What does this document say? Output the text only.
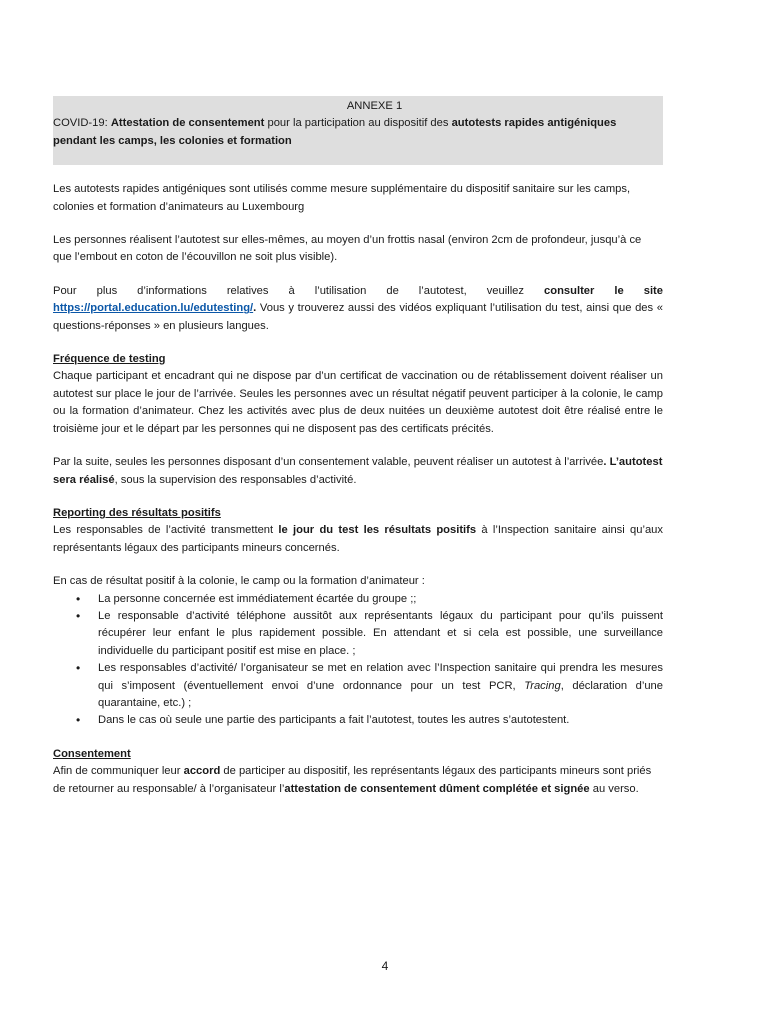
ANNEXE 1
COVID-19: Attestation de consentement pour la participation au dispositif des autotests rapides antigéniques pendant les camps, les colonies et formation

Les autotests rapides antigéniques sont utilisés comme mesure supplémentaire du dispositif sanitaire sur les camps, colonies et formation d’animateurs au Luxembourg

Les personnes réalisent l’autotest sur elles-mêmes, au moyen d’un frottis nasal (environ 2cm de profondeur, jusqu’à ce que l’embout en coton de l’écouvillon ne soit plus visible).

Pour plus d’informations relatives à l’utilisation de l’autotest, veuillez consulter le site https://portal.education.lu/edutesting/. Vous y trouverez aussi des vidéos expliquant l’utilisation du test, ainsi que des « questions-réponses » en plusieurs langues.

Fréquence de testing
Chaque participant et encadrant qui ne dispose par d’un certificat de vaccination ou de rétablissement doivent réaliser un autotest sur place le jour de l’arrivée. Seules les personnes avec un résultat négatif peuvent participer à la colonie, le camp ou la formation d’animateur. Chez les activités avec plus de deux nuitées un deuxième autotest doit être réalisé entre le troisième jour et le départ par les personnes qui ne disposent pas des certificats précités.

Par la suite, seules les personnes disposant d’un consentement valable, peuvent réaliser un autotest à l’arrivée. L’autotest sera réalisé, sous la supervision des responsables d’activité.

Reporting des résultats positifs
Les responsables de l’activité transmettent le jour du test les résultats positifs à l’Inspection sanitaire ainsi qu’aux représentants légaux des participants mineurs concernés.
En cas de résultat positif à la colonie, le camp ou la formation d’animateur :
• La personne concernée est immédiatement écartée du groupe ;;
• Le responsable d’activité téléphone aussitôt aux représentants légaux du participant pour qu’ils puissent récupérer leur enfant le plus rapidement possible. En attendant et si cela est possible, une surveillance individuelle du participant positif est mise en place. ;
• Les responsables d’activité/ l’organisateur se met en relation avec l’Inspection sanitaire qui prendra les mesures qui s’imposent (éventuellement envoi d’une ordonnance pour un test PCR, Tracing, déclaration d’une quarantaine, etc.) ;
• Dans le cas où seule une partie des participants a fait l’autotest, toutes les autres s’autotestent.
Consentement
Afin de communiquer leur accord de participer au dispositif, les représentants légaux des participants mineurs sont priés de retourner au responsable/ à l’organisateur l’attestation de consentement dûment complétée et signée au verso.
4
